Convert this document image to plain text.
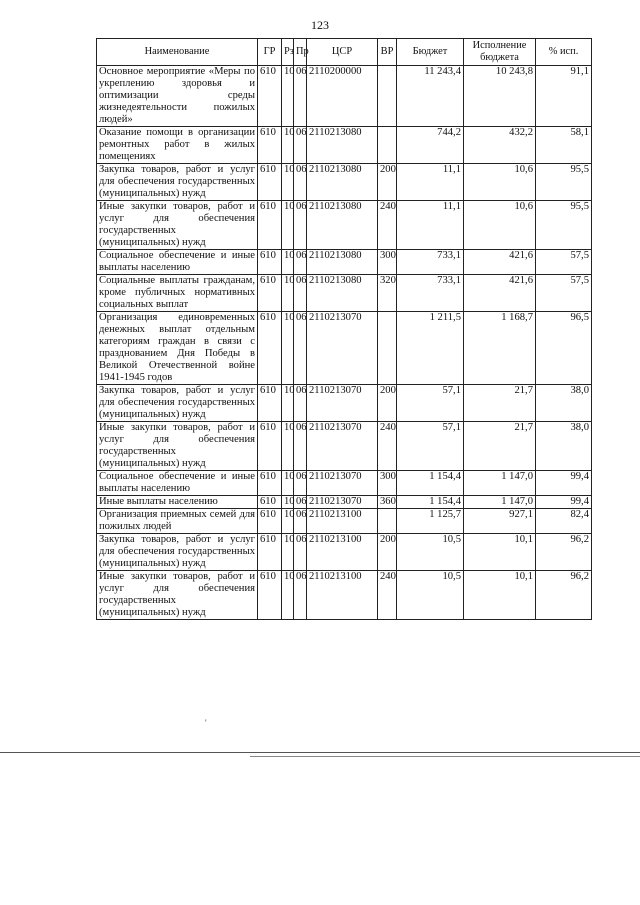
123
Наименование	ГР	Рз	Пр	ЦСР	ВР	Бюджет	Исполнение бюджета	% исп.
Основное мероприятие «Меры по укреплению здоровья и оптимизации среды жизнедеятельности пожилых людей»	610	10	06	2110200000		11 243,4	10 243,8	91,1
Оказание помощи в организации ремонтных работ в жилых помещениях	610	10	06	2110213080		744,2	432,2	58,1
Закупка товаров, работ и услуг для обеспечения государственных (муниципальных) нужд	610	10	06	2110213080	200	11,1	10,6	95,5
Иные закупки товаров, работ и услуг для обеспечения государственных (муниципальных) нужд	610	10	06	2110213080	240	11,1	10,6	95,5
Социальное обеспечение и иные выплаты населению	610	10	06	2110213080	300	733,1	421,6	57,5
Социальные выплаты гражданам, кроме публичных нормативных социальных выплат	610	10	06	2110213080	320	733,1	421,6	57,5
Организация единовременных денежных выплат отдельным категориям граждан в связи с празднованием Дня Победы в Великой Отечественной войне 1941-1945 годов	610	10	06	2110213070		1 211,5	1 168,7	96,5
Закупка товаров, работ и услуг для обеспечения государственных (муниципальных) нужд	610	10	06	2110213070	200	57,1	21,7	38,0
Иные закупки товаров, работ и услуг для обеспечения государственных (муниципальных) нужд	610	10	06	2110213070	240	57,1	21,7	38,0
Социальное обеспечение и иные выплаты населению	610	10	06	2110213070	300	1 154,4	1 147,0	99,4
Иные выплаты населению	610	10	06	2110213070	360	1 154,4	1 147,0	99,4
Организация приемных семей для пожилых людей	610	10	06	2110213100		1 125,7	927,1	82,4
Закупка товаров, работ и услуг для обеспечения государственных (муниципальных) нужд	610	10	06	2110213100	200	10,5	10,1	96,2
Иные закупки товаров, работ и услуг для обеспечения государственных (муниципальных) нужд	610	10	06	2110213100	240	10,5	10,1	96,2
'
